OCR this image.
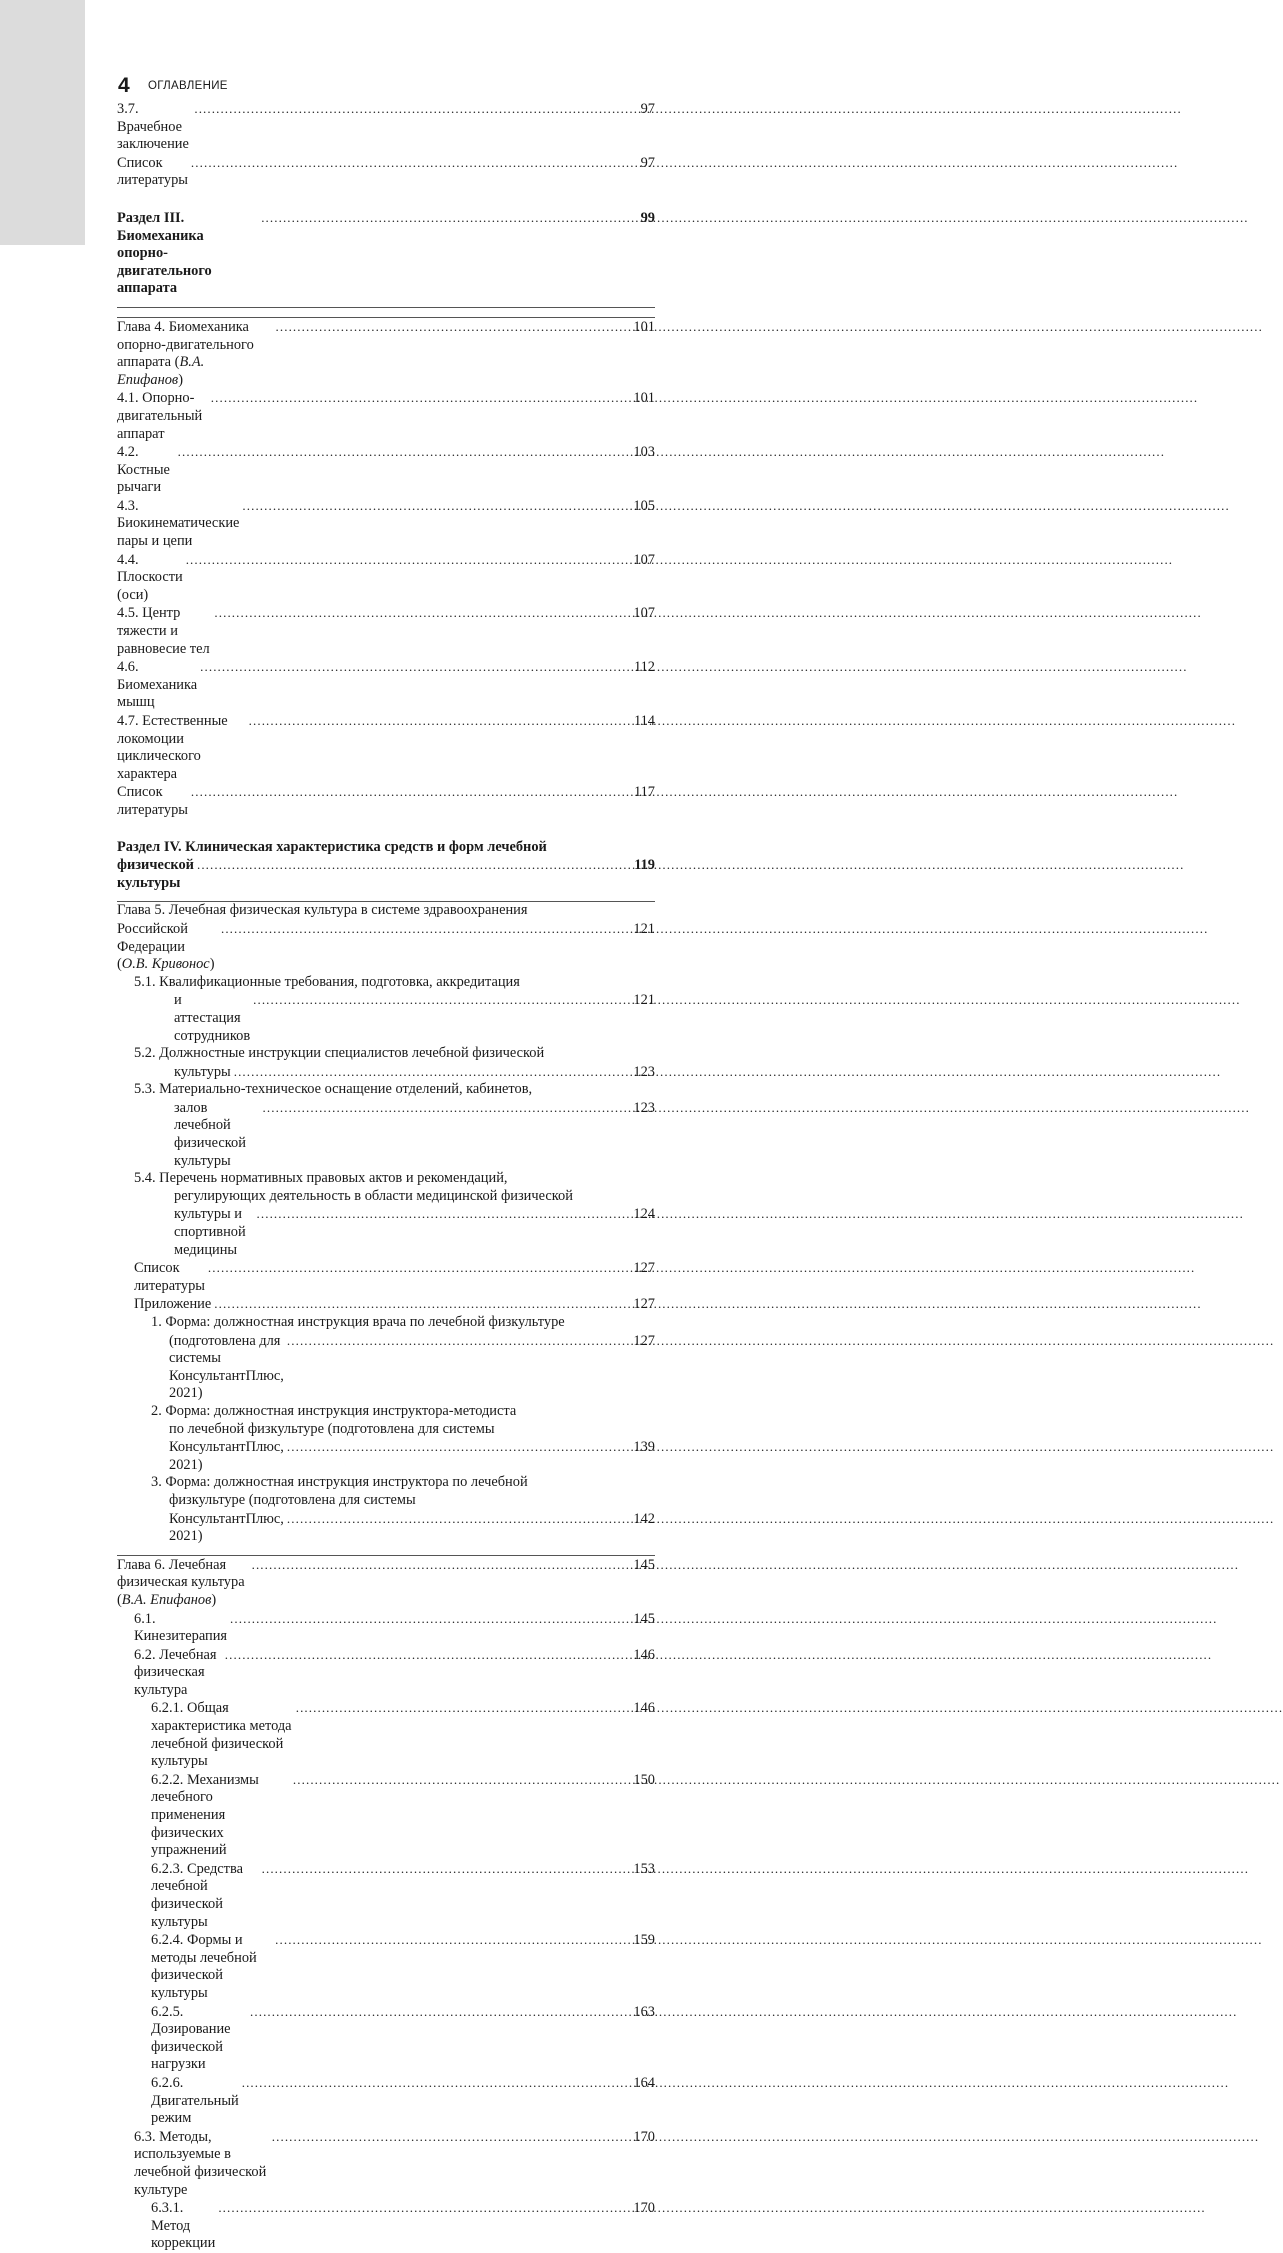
4 ОГЛАВЛЕНИЕ
3.7. Врачебное заключение
.....
97
Список литературы
.....
97
Раздел III. Биомеханика опорно-двигательного аппарата
.....
99
Глава 4. Биомеханика опорно-двигательного аппарата (В.А. Епифанов)
.....
101
4.1. Опорно-двигательный аппарат
.....
101
4.2. Костные рычаги
.....
103
4.3. Биокинематические пары и цепи
.....
105
4.4. Плоскости (оси)
.....
107
4.5. Центр тяжести и равновесие тел
.....
107
4.6. Биомеханика мышц
.....
112
4.7. Естественные локомоции циклического характера
.....
114
Список литературы
.....
117
Раздел IV. Клиническая характеристика средств и форм лечебной
физической культуры
.....
119
Глава 5. Лечебная физическая культура в системе здравоохранения
Российской Федерации (О.В. Кривонос)
.....
121
5.1. Квалификационные требования, подготовка, аккредитация
и аттестация сотрудников
.....
121
5.2. Должностные инструкции специалистов лечебной физической
культуры .....	123
5.3. Материально-техническое оснащение отделений, кабинетов,
залов лечебной физической культуры
.....
123
5.4. Перечень нормативных правовых актов и рекомендаций,
регулирующих деятельность в области медицинской физической
культуры и спортивной медицины
.....
124
Список литературы
.....
127
Приложение .....	127
1. Форма: должностная инструкция врача по лечебной физкультуре
(подготовлена для системы КонсультантПлюс, 2021)
.....
127
2. Форма: должностная инструкция инструктора-методиста
по лечебной физкультуре (подготовлена для системы
КонсультантПлюс, 2021)
.....
139
3. Форма: должностная инструкция инструктора по лечебной
физкультуре (подготовлена для системы
КонсультантПлюс, 2021)
.....
142
Глава 6. Лечебная физическая культура (В.А. Епифанов)
.....
145
6.1. Кинезитерапия
.....
145
6.2. Лечебная физическая культура
.....
146
6.2.1. Общая характеристика метода лечебной физической культуры
.....
146
6.2.2. Механизмы лечебного применения физических упражнений
.....
150
6.2.3. Средства лечебной физической культуры
.....
153
6.2.4. Формы и методы лечебной физической культуры
.....
159
6.2.5. Дозирование физической нагрузки
.....
163
6.2.6. Двигательный режим
.....
164
6.3. Методы, используемые в лечебной физической культуре
.....
170
6.3.1. Метод коррекции
.....
170
